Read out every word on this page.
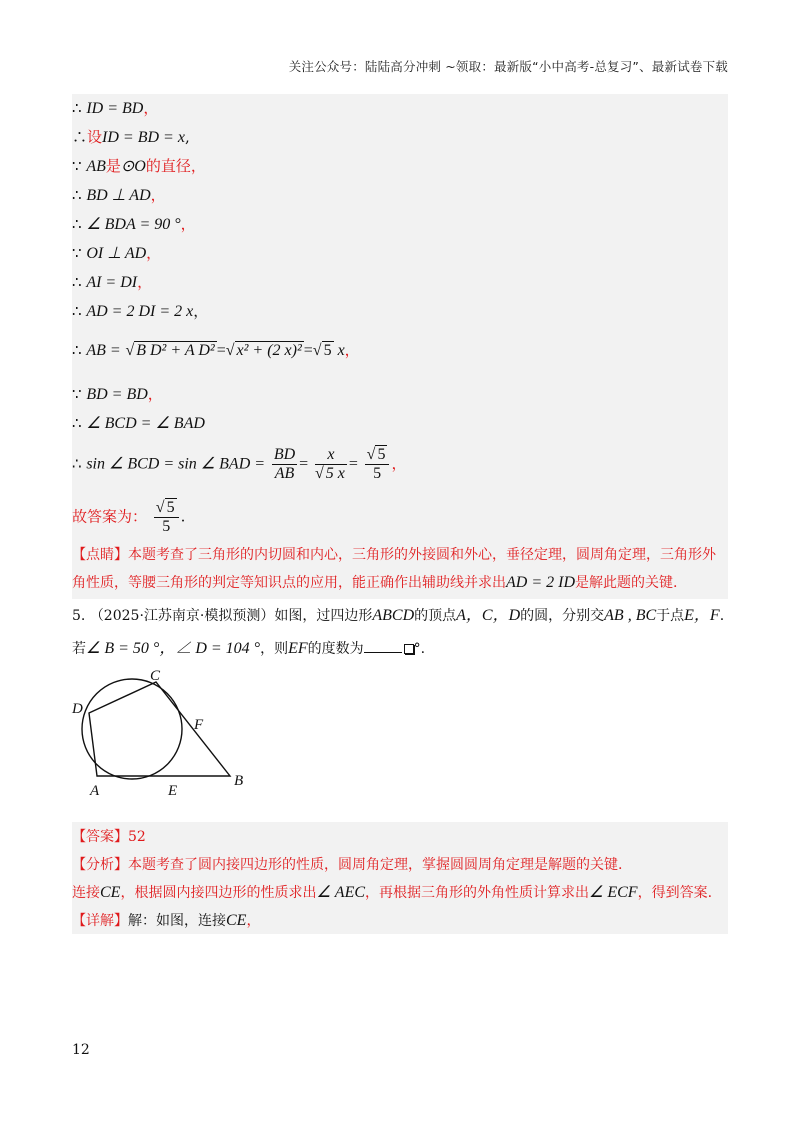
关注公众号：陆陆高分冲刺 ~领取：最新版“小中高考-总复习”、最新试卷下载
∴ ID = BD，
∴设ID = BD = x,
∵ AB是⊙O的直径，
∴ BD ⊥ AD，
∴ ∠ BDA = 90 °，
∵ OI ⊥ AD，
∴ AI = DI，
∴ AD = 2 DI = 2 x，
∴ AB = √ B D² + A D² =√ x² + (2 x)² =√ 5 x，
∵ BD = BD，
∴ ∠ BCD = ∠ BAD
∴ sin ∠ BCD = sin ∠ BAD = $\frac{BD}{AB} = \frac{x}{√ 5 x} = \frac{√ 5}{5}$ ，
故答案为： $\frac{√ 5}{5}$ .
【点睛】本题考查了三角形的内切圆和内心，三角形的外接圆和外心，垂径定理，圆周角定理，三角形外
角性质，等腰三角形的判定等知识点的应用，能正确作出辅助线并求出AD = 2 ID是解此题的关键.
5. （2025·江苏南京·模拟预测）如图，过四边形ABCD的顶点A，C，D的圆，分别交AB , BC于点E，F.
若∠ B = 50 °，∠ D = 104 °，则EF的度数为	°.
C
D
F
A	E
B
【答案】52
【分析】本题考查了圆内接四边形的性质，圆周角定理，掌握圆圆周角定理是解题的关键.
连接CE，根据圆内接四边形的性质求出∠ AEC，再根据三角形的外角性质计算求出∠ ECF，得到答案.
【详解】解：如图，连接CE，
12
